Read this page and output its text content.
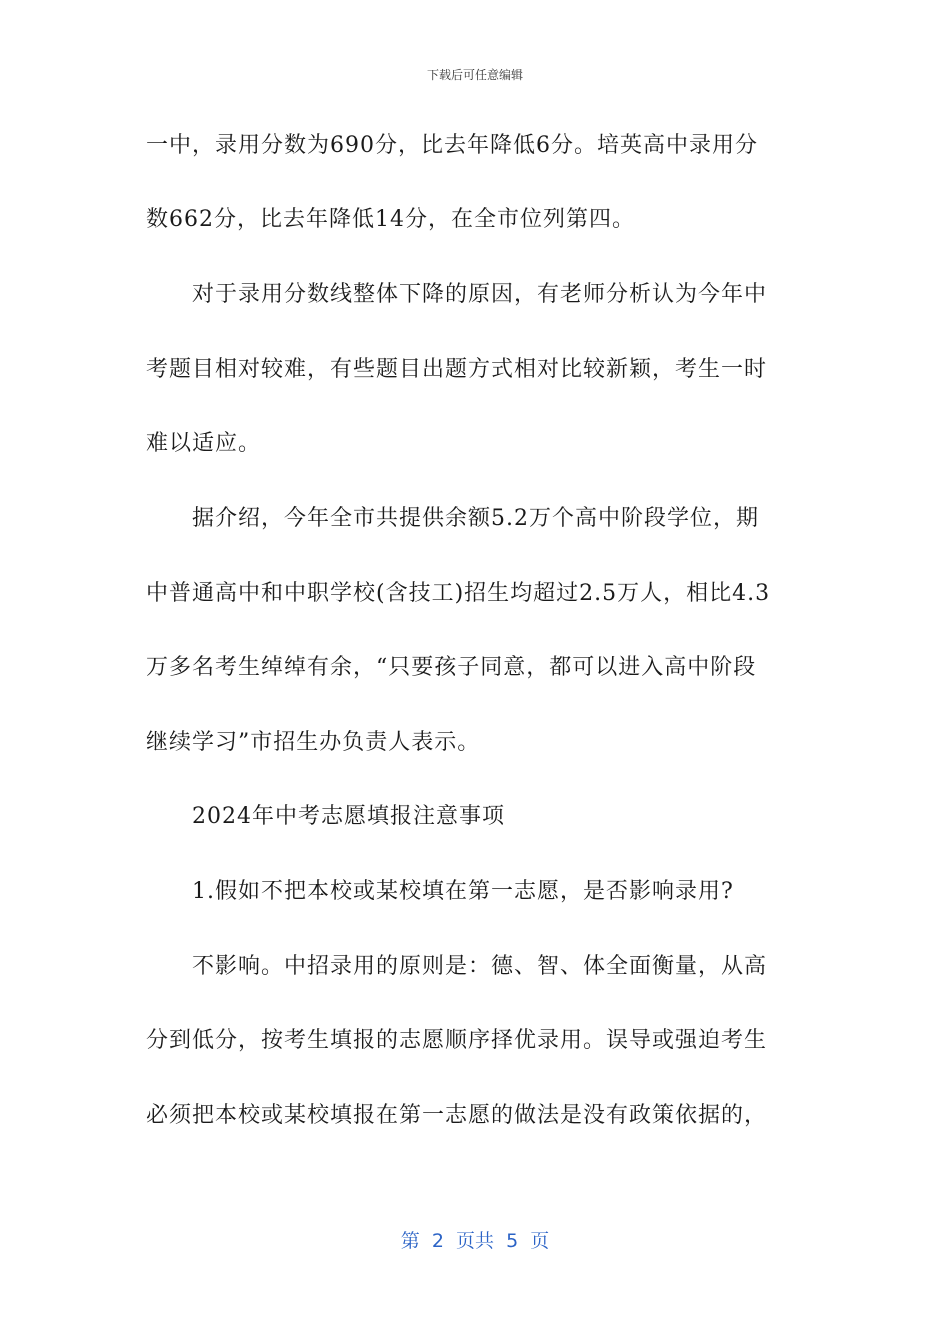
下载后可任意编辑
一中，录用分数为690分，比去年降低6分。培英高中录用分
数662分，比去年降低14分，在全市位列第四。
对于录用分数线整体下降的原因，有老师分析认为今年中
考题目相对较难，有些题目出题方式相对比较新颖，考生一时
难以适应。
据介绍，今年全市共提供余额5.2万个高中阶段学位，期
中普通高中和中职学校(含技工)招生均超过2.5万人，相比4.3
万多名考生绰绰有余，“只要孩子同意，都可以进入高中阶段
继续学习”市招生办负责人表示。
2024年中考志愿填报注意事项
1.假如不把本校或某校填在第一志愿，是否影响录用?
不影响。中招录用的原则是：德、智、体全面衡量，从高
分到低分，按考生填报的志愿顺序择优录用。误导或强迫考生
必须把本校或某校填报在第一志愿的做法是没有政策依据的，
第  2  页共  5  页
